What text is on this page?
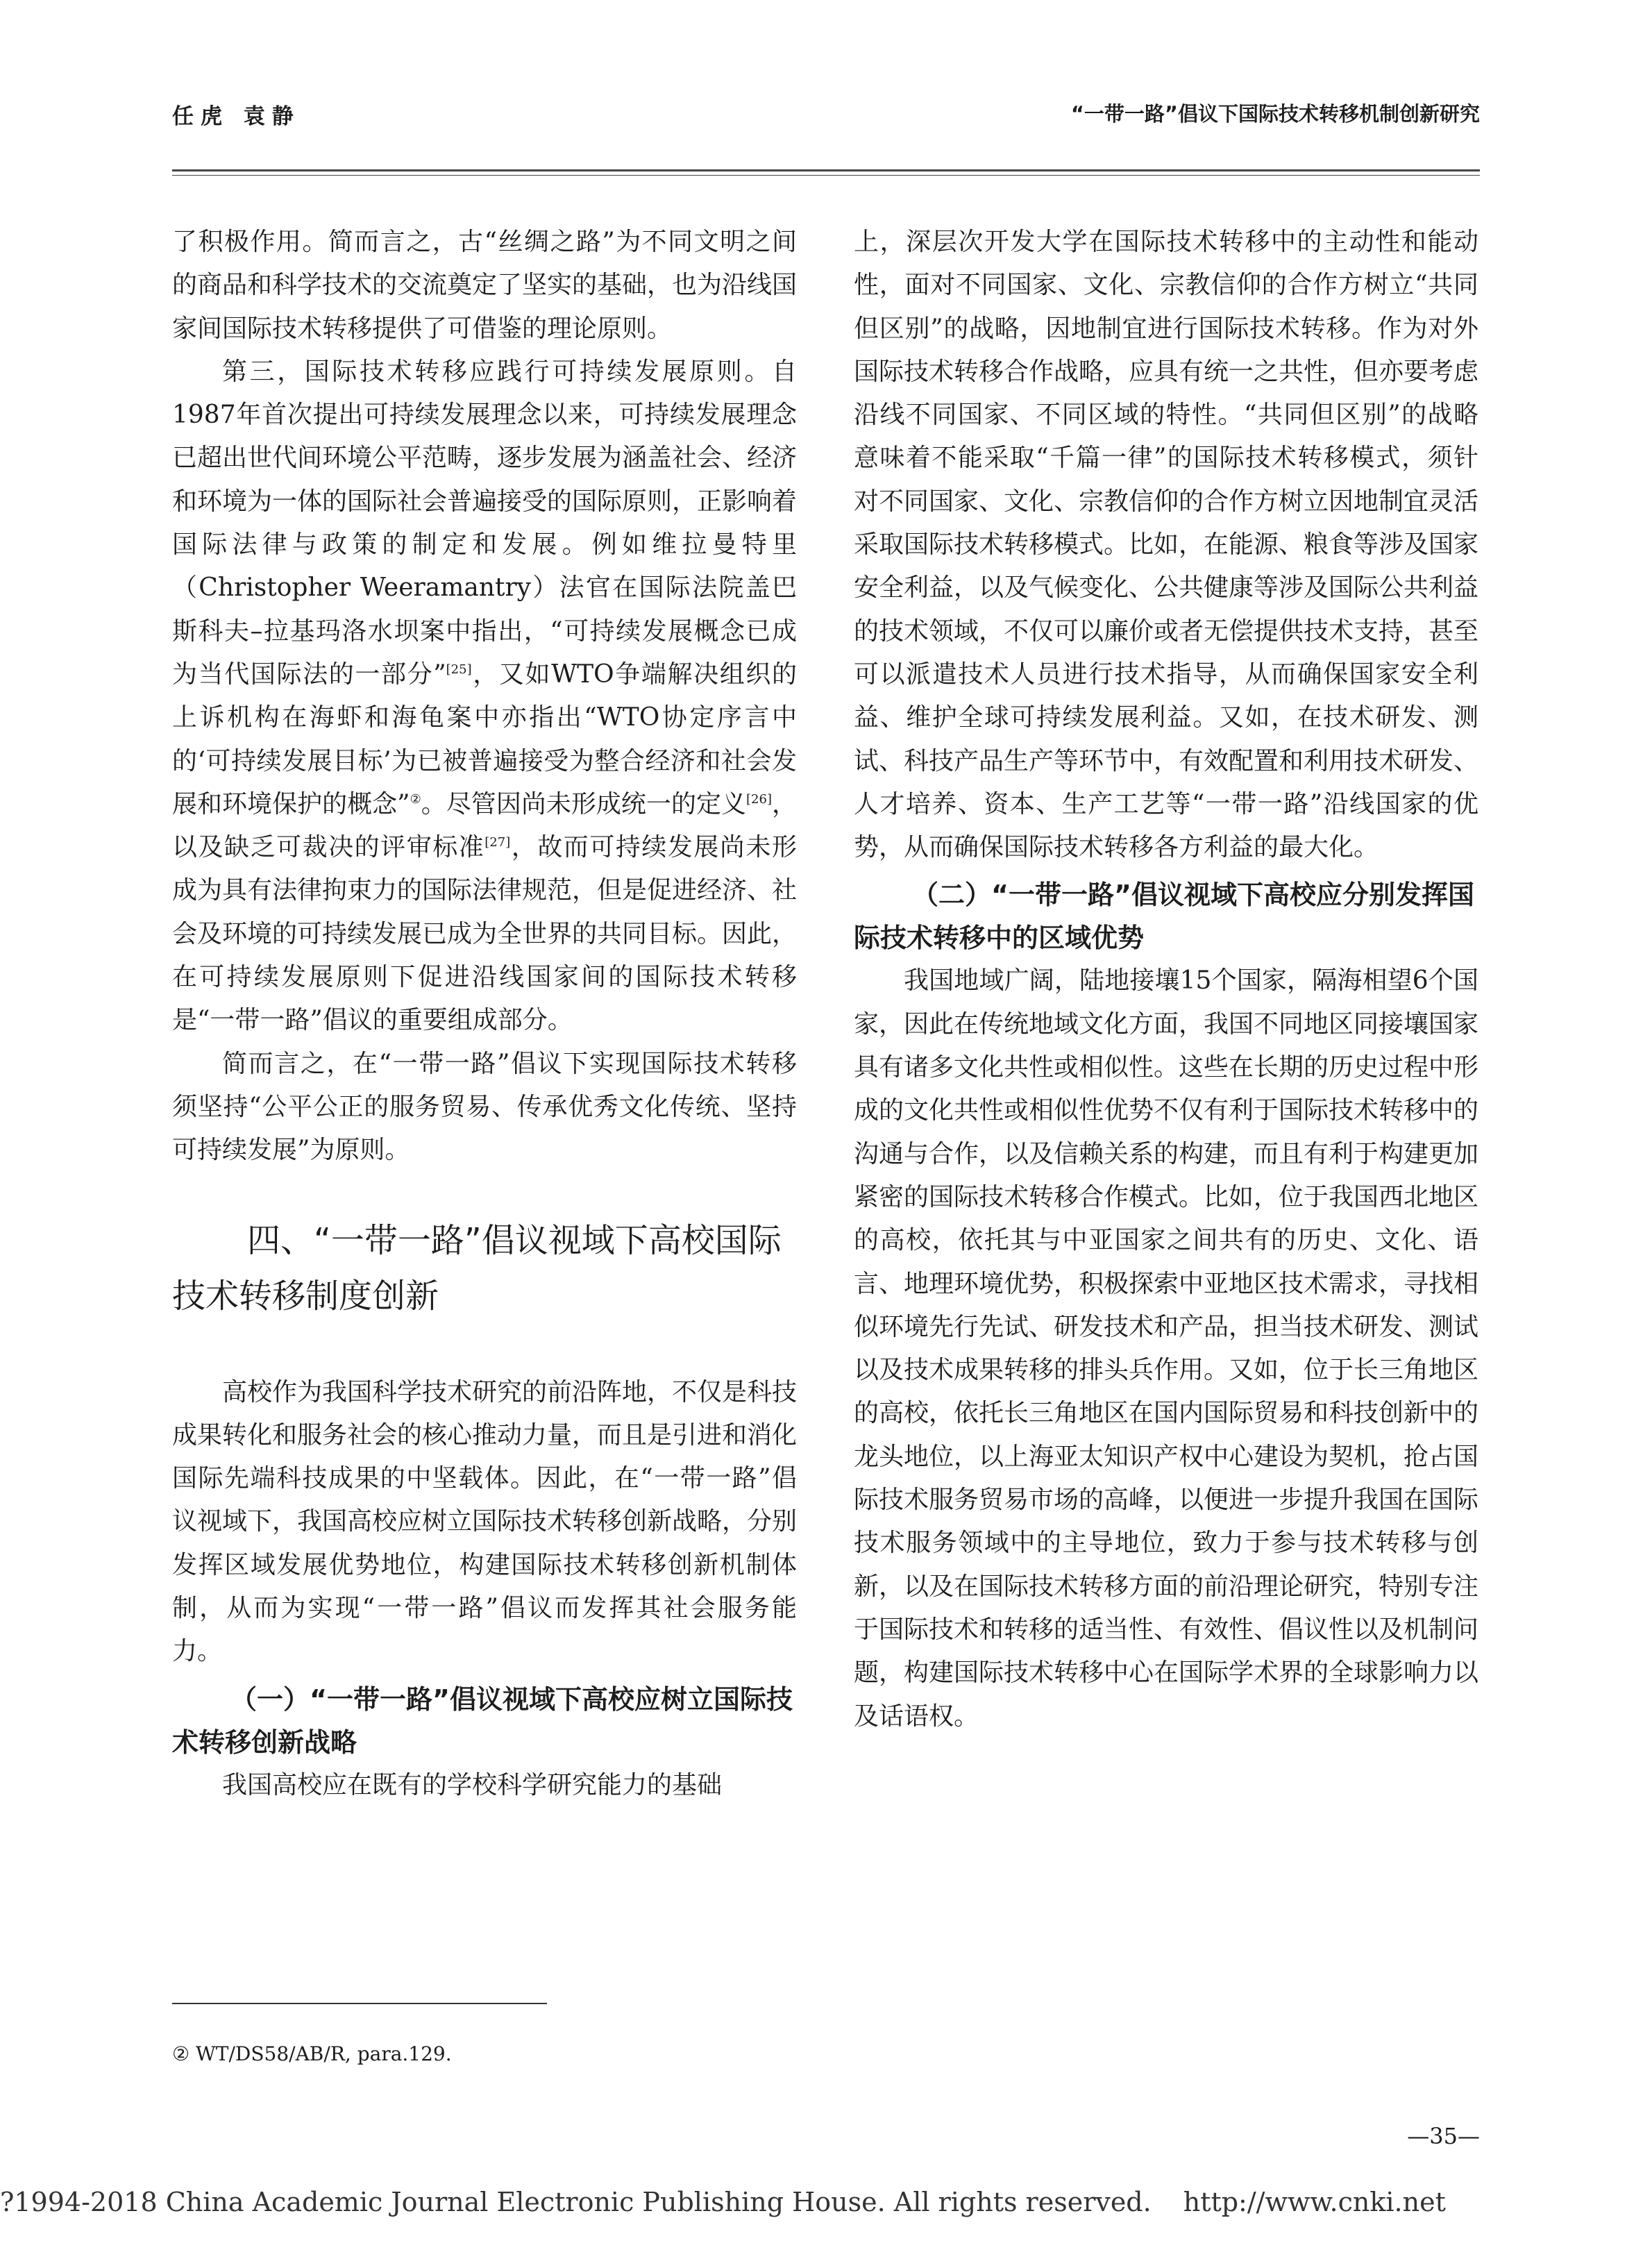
任虎 袁静	“一带一路”倡议下国际技术转移机制创新研究

了积极作用。简而言之，古“丝绸之路”为不同文明之间的商品和科学技术的交流奠定了坚实的基础，也为沿线国家间国际技术转移提供了可借鉴的理论原则。

第三，国际技术转移应践行可持续发展原则。自1987年首次提出可持续发展理念以来，可持续发展理念已超出世代间环境公平范畴，逐步发展为涵盖社会、经济和环境为一体的国际社会普遍接受的国际原则，正影响着国际法律与政策的制定和发展。例如维拉曼特里（Christopher Weeramantry）法官在国际法院盖巴斯科夫–拉基玛洛水坝案中指出，“可持续发展概念已成为当代国际法的一部分”[25]，又如WTO争端解决组织的上诉机构在海虾和海龟案中亦指出“WTO协定序言中的‘可持续发展目标’为已被普遍接受为整合经济和社会发展和环境保护的概念”②。尽管因尚未形成统一的定义[26]，以及缺乏可裁决的评审标准[27]，故而可持续发展尚未形成为具有法律拘束力的国际法律规范，但是促进经济、社会及环境的可持续发展已成为全世界的共同目标。因此，在可持续发展原则下促进沿线国家间的国际技术转移是“一带一路”倡议的重要组成部分。

简而言之，在“一带一路”倡议下实现国际技术转移须坚持“公平公正的服务贸易、传承优秀文化传统、坚持可持续发展”为原则。

四、“一带一路”倡议视域下高校国际技术转移制度创新

高校作为我国科学技术研究的前沿阵地，不仅是科技成果转化和服务社会的核心推动力量，而且是引进和消化国际先端科技成果的中坚载体。因此，在“一带一路”倡议视域下，我国高校应树立国际技术转移创新战略，分别发挥区域发展优势地位，构建国际技术转移创新机制体制，从而为实现“一带一路”倡议而发挥其社会服务能力。

（一）“一带一路”倡议视域下高校应树立国际技术转移创新战略

我国高校应在既有的学校科学研究能力的基础

上，深层次开发大学在国际技术转移中的主动性和能动性，面对不同国家、文化、宗教信仰的合作方树立“共同但区别”的战略，因地制宜进行国际技术转移。作为对外国际技术转移合作战略，应具有统一之共性，但亦要考虑沿线不同国家、不同区域的特性。“共同但区别”的战略意味着不能采取“千篇一律”的国际技术转移模式，须针对不同国家、文化、宗教信仰的合作方树立因地制宜灵活采取国际技术转移模式。比如，在能源、粮食等涉及国家安全利益，以及气候变化、公共健康等涉及国际公共利益的技术领域，不仅可以廉价或者无偿提供技术支持，甚至可以派遣技术人员进行技术指导，从而确保国家安全利益、维护全球可持续发展利益。又如，在技术研发、测试、科技产品生产等环节中，有效配置和利用技术研发、人才培养、资本、生产工艺等“一带一路”沿线国家的优势，从而确保国际技术转移各方利益的最大化。

（二）“一带一路”倡议视域下高校应分别发挥国际技术转移中的区域优势

我国地域广阔，陆地接壤15个国家，隔海相望6个国家，因此在传统地域文化方面，我国不同地区同接壤国家具有诸多文化共性或相似性。这些在长期的历史过程中形成的文化共性或相似性优势不仅有利于国际技术转移中的沟通与合作，以及信赖关系的构建，而且有利于构建更加紧密的国际技术转移合作模式。比如，位于我国西北地区的高校，依托其与中亚国家之间共有的历史、文化、语言、地理环境优势，积极探索中亚地区技术需求，寻找相似环境先行先试、研发技术和产品，担当技术研发、测试以及技术成果转移的排头兵作用。又如，位于长三角地区的高校，依托长三角地区在国内国际贸易和科技创新中的龙头地位，以上海亚太知识产权中心建设为契机，抢占国际技术服务贸易市场的高峰，以便进一步提升我国在国际技术服务领域中的主导地位，致力于参与技术转移与创新，以及在国际技术转移方面的前沿理论研究，特别专注于国际技术和转移的适当性、有效性、倡议性以及机制问题，构建国际技术转移中心在国际学术界的全球影响力以及话语权。

② WT/DS58/AB/R, para.129.
—35—
?1994-2018 China Academic Journal Electronic Publishing House. All rights reserved. http://www.cnki.net
